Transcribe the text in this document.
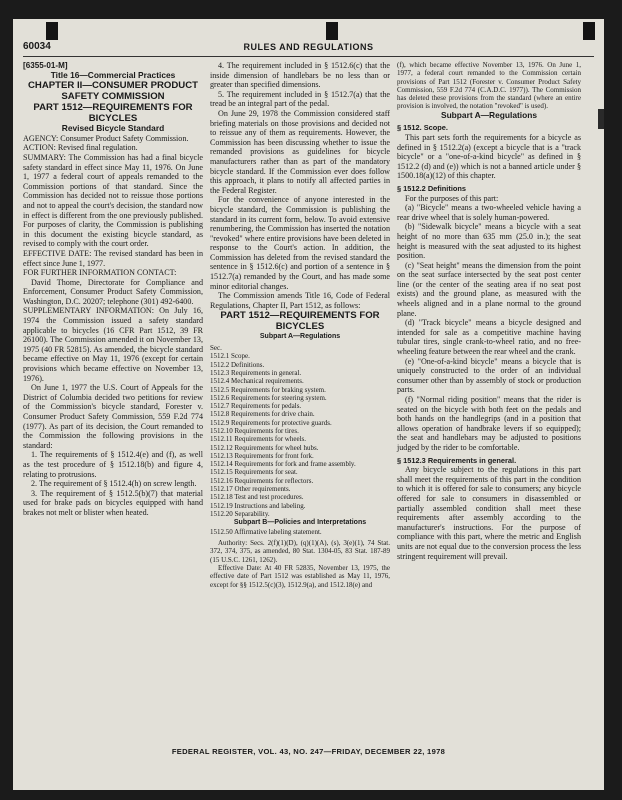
60034	RULES AND REGULATIONS

[6355-01-M]

Title 16—Commercial Practices

CHAPTER II—CONSUMER PRODUCT SAFETY COMMISSION

PART 1512—REQUIREMENTS FOR BICYCLES

Revised Bicycle Standard

AGENCY: Consumer Product Safety Commission.

ACTION: Revised final regulation.

SUMMARY: The Commission has had a final bicycle safety standard in effect since May 11, 1976. On June 1, 1977 a federal court of appeals remanded to the Commission portions of that standard. Since the Commission has decided not to reissue those portions and not to appeal the court's decision, the standard now in effect is different from the one previously published. For purposes of clarity, the Commission is publishing in this document the existing bicycle standard, as revised to comply with the court order.

EFFECTIVE DATE: The revised standard has been in effect since June 1, 1977.

FOR FURTHER INFORMATION CONTACT:

David Thome, Directorate for Compliance and Enforcement, Consumer Product Safety Commission, Washington, D.C. 20207; telephone (301) 492-6400.

SUPPLEMENTARY INFORMATION: On July 16, 1974 the Commission issued a safety standard applicable to bicycles (16 CFR Part 1512, 39 FR 26100). The Commission amended it on November 13, 1975 (40 FR 52815). As amended, the bicycle standard became effective on May 11, 1976 (except for certain provisions which became effective on November 13, 1976).

On June 1, 1977 the U.S. Court of Appeals for the District of Columbia decided two petitions for review of the Commission's bicycle standard, Forester v. Consumer Product Safety Commission, 559 F.2d 774 (1977). As part of its decision, the Court remanded to the Commission the following provisions in the standard:

1. The requirements of § 1512.4(e) and (f), as well as the test procedure of § 1512.18(b) and figure 4, relating to protrusions.

2. The requirement of § 1512.4(h) on screw length.

3. The requirement of § 1512.5(b)(7) that material used for brake pads on bicycles equipped with hand brakes not melt or blister when heated.

4. The requirement included in § 1512.6(c) that the inside dimension of handlebars be no less than or greater than specified dimensions.

5. The requirement included in § 1512.7(a) that the tread be an integral part of the pedal.

On June 29, 1978 the Commission considered staff briefing materials on those provisions and decided not to reissue any of them as requirements. However, the Commission has been discussing whether to issue the remanded provisions as guidelines for bicycle manufacturers rather than as part of the mandatory bicycle standard. If the Commission ever does follow this approach, it plans to notify all affected parties in the Federal Register.

For the convenience of anyone interested in the bicycle standard, the Commission is publishing the standard in its current form, below. To avoid extensive renumbering, the Commission has inserted the notation "revoked" where entire provisions have been deleted in response to the Court's action. In addition, the Commission has deleted from the revised standard the sentence in § 1512.6(c) and portion of a sentence in § 1512.7(a) remanded by the Court, and has made some minor editorial changes.

The Commission amends Title 16, Code of Federal Regulations, Chapter II, Part 1512, as follows:

PART 1512—REQUIREMENTS FOR BICYCLES

Subpart A—Regulations

Sec.
1512.1 Scope.
1512.2 Definitions.
1512.3 Requirements in general.
1512.4 Mechanical requirements.
1512.5 Requirements for braking system.
1512.6 Requirements for steering system.
1512.7 Requirements for pedals.
1512.8 Requirements for drive chain.
1512.9 Requirements for protective guards.
1512.10 Requirements for tires.
1512.11 Requirements for wheels.
1512.12 Requirements for wheel hubs.
1512.13 Requirements for front fork.
1512.14 Requirements for fork and frame assembly.
1512.15 Requirements for seat.
1512.16 Requirements for reflectors.
1512.17 Other requirements.
1512.18 Test and test procedures.
1512.19 Instructions and labeling.
1512.20 Separability.

Subpart B—Policies and Interpretations

1512.50 Affirmative labeling statement.

Authority: Secs. 2(f)(1)(D), (q)(1)(A), (s), 3(e)(1), 74 Stat. 372, 374, 375, as amended, 80 Stat. 1304-05, 83 Stat. 187-89 (15 U.S.C. 1261, 1262).

Effective Date: At 40 FR 52835, November 13, 1975, the effective date of Part 1512 was established as May 11, 1976, except for §§ 1512.5(c)(3), 1512.9(a), and 1512.18(e) and

(f), which became effective November 13, 1976. On June 1, 1977, a federal court remanded to the Commission certain provisions of Part 1512 (Forester v. Consumer Product Safety Commission, 559 F.2d 774 (C.A.D.C. 1977)). The Commission has deleted these provisions from the standard (where an entire provision is involved, the notation "revoked" is used).

Subpart A—Regulations

§ 1512. Scope.

This part sets forth the requirements for a bicycle as defined in § 1512.2(a) (except a bicycle that is a "track bicycle" or a "one-of-a-kind bicycle" as defined in § 1512.2 (d) and (e)) which is not a banned article under § 1500.18(a)(12) of this chapter.

§ 1512.2 Definitions

For the purposes of this part:

(a) "Bicycle" means a two-wheeled vehicle having a rear drive wheel that is solely human-powered.

(b) "Sidewalk bicycle" means a bicycle with a seat height of no more than 635 mm (25.0 in.); the seat height is measured with the seat adjusted to its highest position.

(c) "Seat height" means the dimension from the point on the seat surface intersected by the seat post center line (or the center of the seating area if no seat post exists) and the ground plane, as measured with the wheels aligned and in a plane normal to the ground plane.

(d) "Track bicycle" means a bicycle designed and intended for sale as a competitive machine having tubular tires, single crank-to-wheel ratio, and no free-wheeling feature between the rear wheel and the crank.

(e) "One-of-a-kind bicycle" means a bicycle that is uniquely constructed to the order of an individual consumer other than by assembly of stock or production parts.

(f) "Normal riding position" means that the rider is seated on the bicycle with both feet on the pedals and both hands on the handlegrips (and in a position that allows operation of handbrake levers if so equipped); the seat and handlebars may be adjusted to positions judged by the rider to be comfortable.

§ 1512.3 Requirements in general.

Any bicycle subject to the regulations in this part shall meet the requirements of this part in the condition to which it is offered for sale to consumers; any bicycle offered for sale to consumers in disassembled or partially assembled condition shall meet these requirements after assembly according to the manufacturer's instructions. For the purpose of compliance with this part, where the metric and English units are not equal due to the conversion process the less stringent requirement will prevail.

FEDERAL REGISTER, VOL. 43, NO. 247—FRIDAY, DECEMBER 22, 1978
